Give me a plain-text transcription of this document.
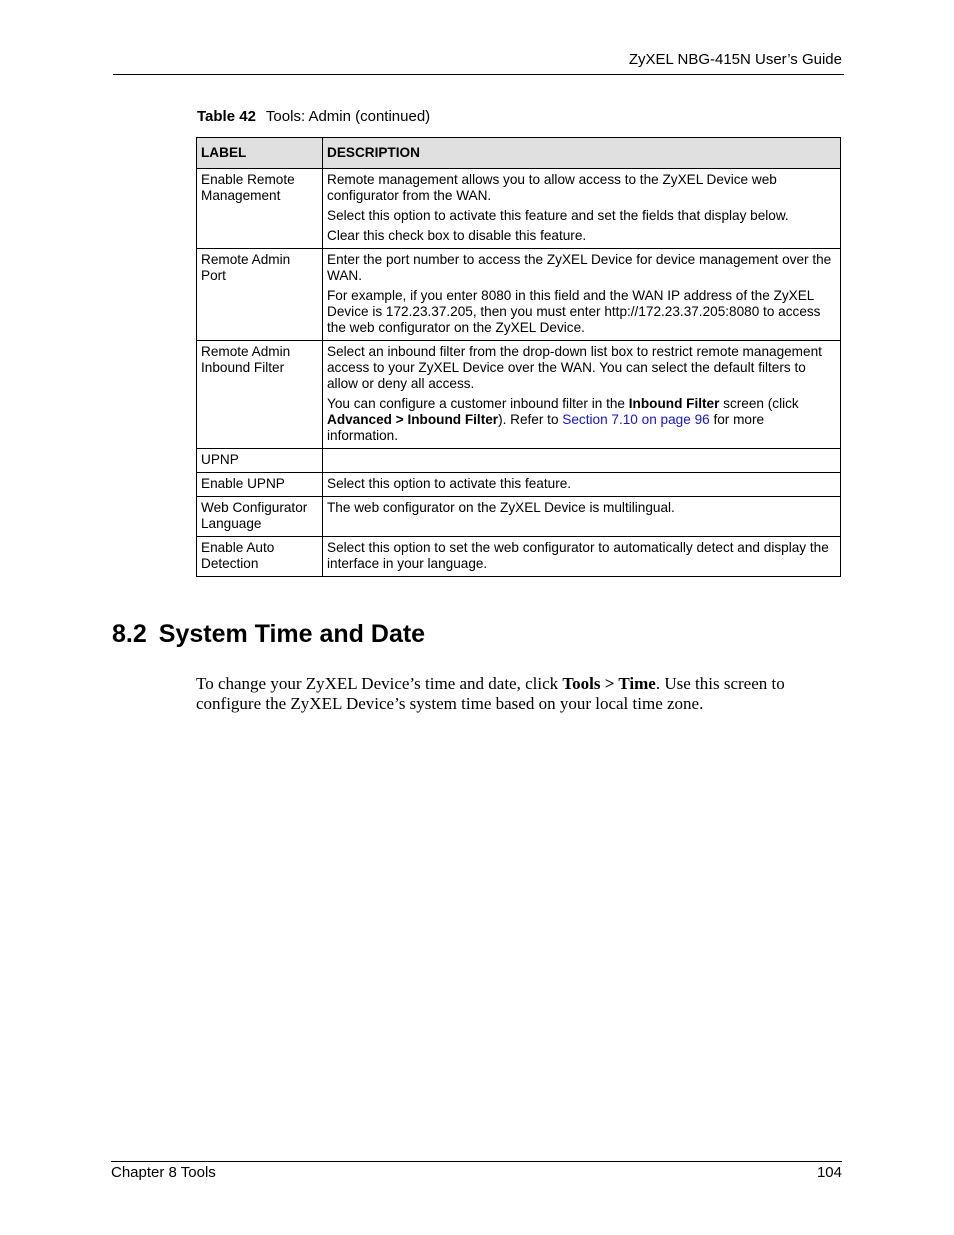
ZyXEL NBG-415N User’s Guide
Table 42 Tools: Admin (continued)
LABEL	DESCRIPTION
Enable Remote Management	Remote management allows you to allow access to the ZyXEL Device web configurator from the WAN.

Select this option to activate this feature and set the fields that display below.

Clear this check box to disable this feature.

Remote Admin Port	Enter the port number to access the ZyXEL Device for device management over the WAN.

For example, if you enter 8080 in this field and the WAN IP address of the ZyXEL Device is 172.23.37.205, then you must enter http://172.23.37.205:8080 to access the web configurator on the ZyXEL Device.

Remote Admin Inbound Filter	Select an inbound filter from the drop-down list box to restrict remote management access to your ZyXEL Device over the WAN. You can select the default filters to allow or deny all access.

You can configure a customer inbound filter in the Inbound Filter screen (click Advanced > Inbound Filter). Refer to Section 7.10 on page 96 for more information.

UPNP	
Enable UPNP	Select this option to activate this feature.

Web Configurator Language	The web configurator on the ZyXEL Device is multilingual.

Enable Auto Detection	Select this option to set the web configurator to automatically detect and display the interface in your language.

8.2 System Time and Date

To change your ZyXEL Device’s time and date, click Tools > Time. Use this screen to configure the ZyXEL Device’s system time based on your local time zone.

Chapter 8 Tools	104
